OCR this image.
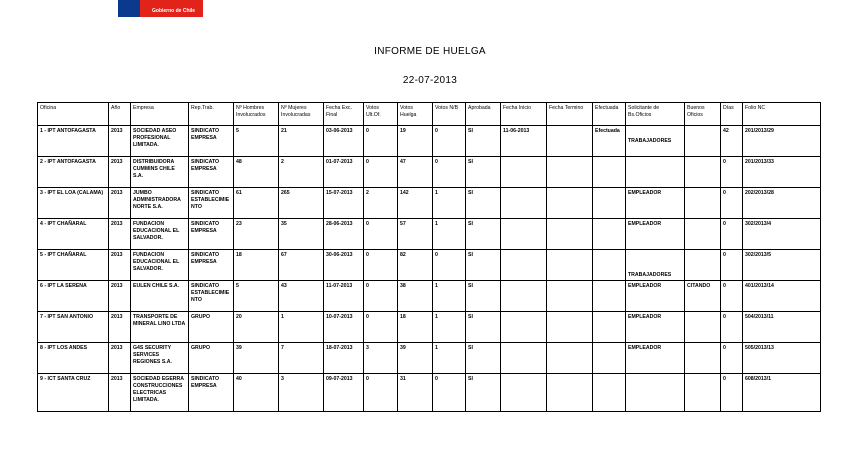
Gobierno de Chile
INFORME DE HUELGA
22-07-2013
Oficina	Año	Empresa	Rep.Trab.	Nº Hombres Involucrados	Nº Mujeres Involucradas	Fecha Exc. Final	Votos Ult.Of.	Votos Huelga	Votos N/B	Aprobada	Fecha Inicio	Fecha Termino	Efectuada	Solicitante de Bs.Oficios	Buenos Oficios	Días	Folio NC
1 - IPT ANTOFAGASTA	2013	SOCIEDAD ASEO PROFESIONAL LIMITADA.	SINDICATO EMPRESA	5	21	03-06-2013	0	19	0	SI	11-06-2013		Efectuada	TRABAJADORES		42	201/2013/29
2 - IPT ANTOFAGASTA	2013	DISTRIBUIDORA CUMMINS CHILE S.A.	SINDICATO EMPRESA	48	2	01-07-2013	0	47	0	SI						0	201/2013/33
3 - IPT EL LOA (CALAMA)	2013	JUMBO ADMINISTRADORA NORTE S.A.	SINDICATO ESTABLECIMIENTO	61	265	15-07-2013	2	142	1	SI				EMPLEADOR		0	202/2013/28
4 - IPT CHAÑARAL	2013	FUNDACION EDUCACIONAL EL SALVADOR.	SINDICATO EMPRESA	23	35	28-06-2013	0	57	1	SI				EMPLEADOR		0	302/2013/4
5 - IPT CHAÑARAL	2013	FUNDACION EDUCACIONAL EL SALVADOR.	SINDICATO EMPRESA	18	67	30-06-2013	0	82	0	SI				TRABAJADORES		0	302/2013/5
6 - IPT LA SERENA	2013	EULEN CHILE S.A.	SINDICATO ESTABLECIMIENTO	5	43	11-07-2013	0	38	1	SI				EMPLEADOR	CITANDO	0	401/2013/14
7 - IPT SAN ANTONIO	2013	TRANSPORTE DE MINERAL LINO LTDA	GRUPO	20	1	10-07-2013	0	18	1	SI				EMPLEADOR		0	504/2013/11
8 - IPT LOS ANDES	2013	G4S SECURITY SERVICES REGIONES S.A.	GRUPO	39	7	18-07-2013	3	39	1	SI				EMPLEADOR		0	505/2013/13
9 - ICT SANTA CRUZ	2013	SOCIEDAD EGERRA CONSTRUCCIONES ELECTRICAS LIMITADA.	SINDICATO EMPRESA	40	3	09-07-2013	0	31	0	SI						0	608/2013/1
